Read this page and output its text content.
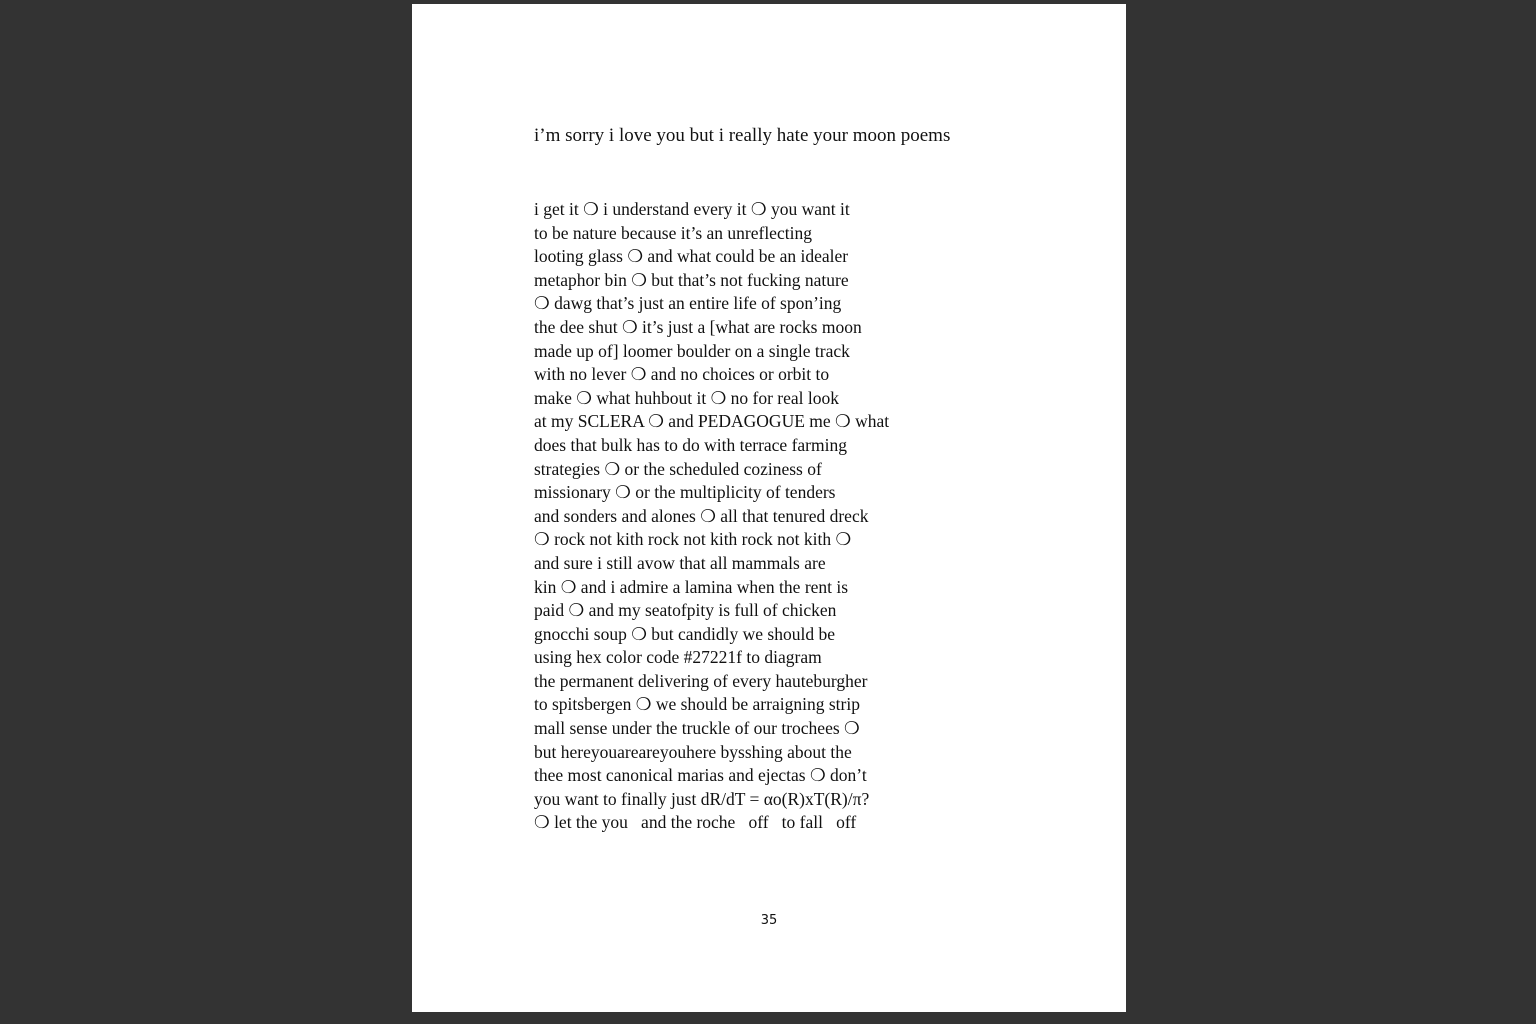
i’m sorry i love you but i really hate your moon poems
i get it ❍ i understand every it ❍ you want it
to be nature because it’s an unreflecting
looting glass ❍ and what could be an idealer
metaphor bin ❍ but that’s not fucking nature
❍ dawg that’s just an entire life of spon’ing
the dee shut ❍ it’s just a [what are rocks moon
made up of] loomer boulder on a single track
with no lever ❍ and no choices or orbit to
make ❍ what huhbout it ❍ no for real look
at my SCLERA ❍ and PEDAGOGUE me ❍ what
does that bulk has to do with terrace farming
strategies ❍ or the scheduled coziness of
missionary ❍ or the multiplicity of tenders
and sonders and alones ❍ all that tenured dreck
❍ rock not kith rock not kith rock not kith ❍
and sure i still avow that all mammals are
kin ❍ and i admire a lamina when the rent is
paid ❍ and my seatofpity is full of chicken
gnocchi soup ❍ but candidly we should be
using hex color code #27221f to diagram
the permanent delivering of every hauteburgher
to spitsbergen ❍ we should be arraigning strip
mall sense under the truckle of our trochees ❍
but hereyouareareyouhere bysshing about the
thee most canonical marias and ejectas ❍ don’t
you want to finally just dR/dT = αo(R)xT(R)/π?
❍ let the you   and the roche   off   to fall   off
35
